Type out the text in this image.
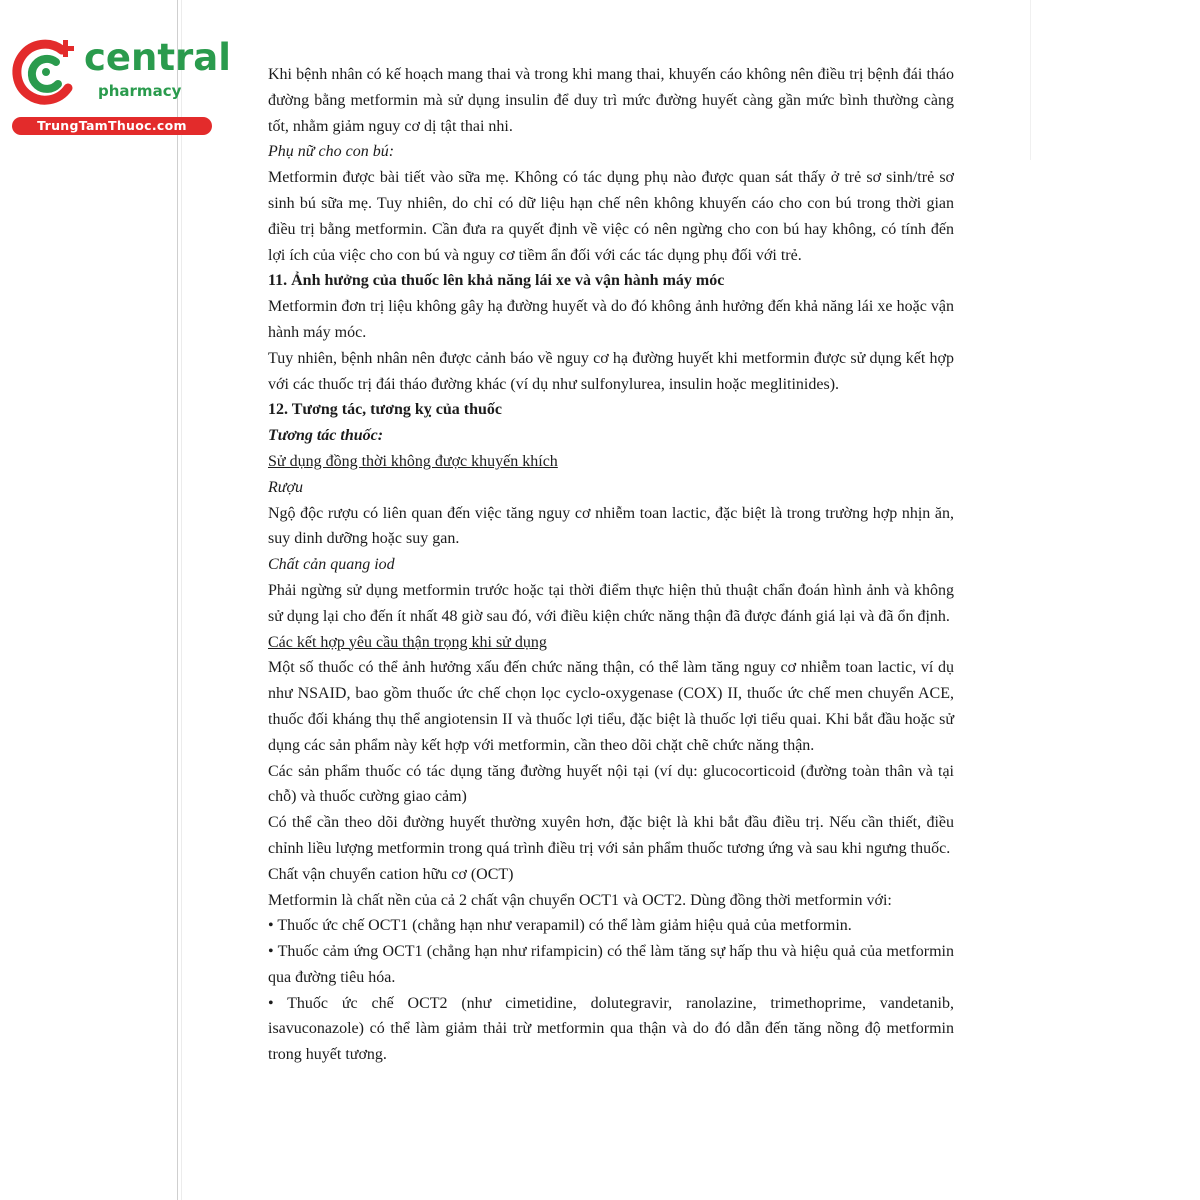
central
pharmacy
TrungTamThuoc.com

Khi bệnh nhân có kế hoạch mang thai và trong khi mang thai, khuyến cáo không nên điều trị bệnh đái tháo đường bằng metformin mà sử dụng insulin để duy trì mức đường huyết càng gần mức bình thường càng tốt, nhằm giảm nguy cơ dị tật thai nhi.

Phụ nữ cho con bú:

Metformin được bài tiết vào sữa mẹ. Không có tác dụng phụ nào được quan sát thấy ở trẻ sơ sinh/trẻ sơ sinh bú sữa mẹ. Tuy nhiên, do chỉ có dữ liệu hạn chế nên không khuyến cáo cho con bú trong thời gian điều trị bằng metformin. Cần đưa ra quyết định về việc có nên ngừng cho con bú hay không, có tính đến lợi ích của việc cho con bú và nguy cơ tiềm ẩn đối với các tác dụng phụ đối với trẻ.

11. Ảnh hưởng của thuốc lên khả năng lái xe và vận hành máy móc

Metformin đơn trị liệu không gây hạ đường huyết và do đó không ảnh hưởng đến khả năng lái xe hoặc vận hành máy móc.

Tuy nhiên, bệnh nhân nên được cảnh báo về nguy cơ hạ đường huyết khi metformin được sử dụng kết hợp với các thuốc trị đái tháo đường khác (ví dụ như sulfonylurea, insulin hoặc meglitinides).

12. Tương tác, tương kỵ của thuốc

Tương tác thuốc:

Sử dụng đồng thời không được khuyến khích

Rượu

Ngộ độc rượu có liên quan đến việc tăng nguy cơ nhiễm toan lactic, đặc biệt là trong trường hợp nhịn ăn, suy dinh dưỡng hoặc suy gan.

Chất cản quang iod

Phải ngừng sử dụng metformin trước hoặc tại thời điểm thực hiện thủ thuật chẩn đoán hình ảnh và không sử dụng lại cho đến ít nhất 48 giờ sau đó, với điều kiện chức năng thận đã được đánh giá lại và đã ổn định.

Các kết hợp yêu cầu thận trọng khi sử dụng

Một số thuốc có thể ảnh hưởng xấu đến chức năng thận, có thể làm tăng nguy cơ nhiễm toan lactic, ví dụ như NSAID, bao gồm thuốc ức chế chọn lọc cyclo-oxygenase (COX) II, thuốc ức chế men chuyển ACE, thuốc đối kháng thụ thể angiotensin II và thuốc lợi tiểu, đặc biệt là thuốc lợi tiểu quai. Khi bắt đầu hoặc sử dụng các sản phẩm này kết hợp với metformin, cần theo dõi chặt chẽ chức năng thận.

Các sản phẩm thuốc có tác dụng tăng đường huyết nội tại (ví dụ: glucocorticoid (đường toàn thân và tại chỗ) và thuốc cường giao cảm)

Có thể cần theo dõi đường huyết thường xuyên hơn, đặc biệt là khi bắt đầu điều trị. Nếu cần thiết, điều chỉnh liều lượng metformin trong quá trình điều trị với sản phẩm thuốc tương ứng và sau khi ngưng thuốc.

Chất vận chuyển cation hữu cơ (OCT)

Metformin là chất nền của cả 2 chất vận chuyển OCT1 và OCT2. Dùng đồng thời metformin với:

• Thuốc ức chế OCT1 (chẳng hạn như verapamil) có thể làm giảm hiệu quả của metformin.

• Thuốc cảm ứng OCT1 (chẳng hạn như rifampicin) có thể làm tăng sự hấp thu và hiệu quả của metformin qua đường tiêu hóa.

• Thuốc ức chế OCT2 (như cimetidine, dolutegravir, ranolazine, trimethoprime, vandetanib, isavuconazole) có thể làm giảm thải trừ metformin qua thận và do đó dẫn đến tăng nồng độ metformin trong huyết tương.
